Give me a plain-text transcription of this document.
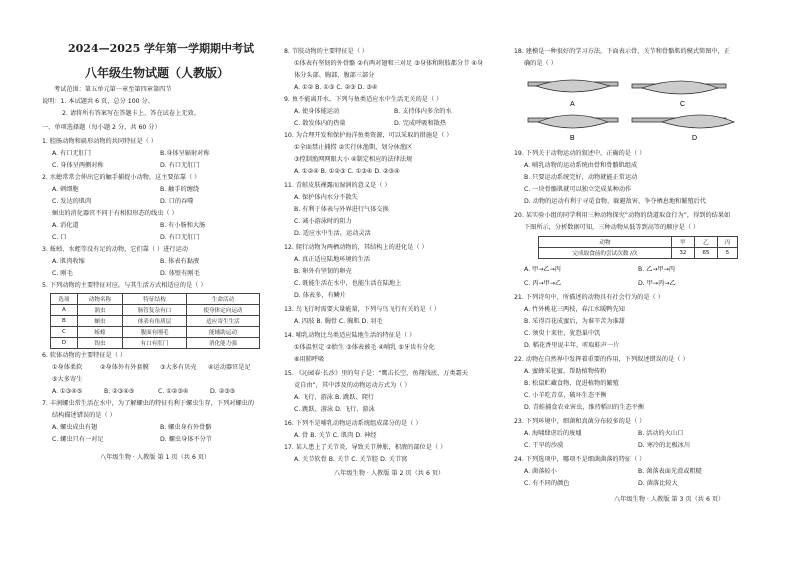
2024—2025 学年第一学期期中考试
八年级生物试题（人教版）
考试范围：第五单元第一章至第四章第四节
说明：1. 本试题共 6 页，总分 100 分。
2. 请将所有答案写在答题卡上，答在试卷上无效。
一、单项选择题（每小题 2 分，共 60 分）
1. 腔肠动物和扁形动物的共同特征是（ ）
A. 有口无肛门	B.身体呈辐射对称
C. 身体呈两侧对称	D. 有口无肛门
2. 水螅常常会伸出它的触手捕捉小动物，这主要依靠（ ）
A. 刺细胞	B. 触手的缠绕
C. 发达的肌肉	D. 口的吞噬
蛔虫的消化器官不同于有相似形态的线虫（ ）
A. 消化道	B. 有小肠和大肠
C. 口	D. 有口无肛门
3. 蚯蚓、水蛭等没有足的动物，它们靠（ ）进行运动
A. 肌肉收缩	B. 体表有黏液
C. 刚毛	D. 体壁有刚毛
5. 下列动物的主要特征对应，与其生活方式相适应的是（ ）
选项	动物名称	特征结构	生命活动
A	涡虫	肠管复杂有口	使身体定向运动
B	蛔虫	体表有角质层	适应寄生生活
C	蚯蚓	腹面有刚毛	能辅助运动
D	钩虫	有口有肛门	消化能力强
6. 软体动物的主要特征是（ ）
①身体柔软	②身体外有外套膜 ③大多有贝壳 ④运动器官是足
⑤大多寄生
A. ①③④⑤	B. ②③④⑤	C. ①②③④	D. ②③⑤
7. 丰润螺虫常生活在水中，为了解螺虫的特征有利于螺虫生存，下列对螺虫的
结构描述错误的是（ ）
A. 螺虫成虫有翅	B. 螺虫身有外骨骼
C. 螺虫只有一对足	D. 螺虫身体不分节
八年级生物 · 人教版 第 1 页（共 6 页）
8. 节肢动物的主要特征是（ ）
①体表有坚韧的外骨骼 ②有两对翅和三对足 ③身体和附肢都分节 ④身
体分头部、胸部、腹部三部分
A. ①② B. ①③ C. ②③ D. ③④
9. 鱼不能离开水，下列与鱼类适应水中生活无关的是（ ）
A. 使身体能运动	B. 支持体内多余的水
C. 散发体内的热量	D. 完成呼吸和散热
10. 为合理开发和保护海洋鱼类资源，可以采取的措施是（ ）
①全面禁止捕捞 ②实行休渔期，划分休渔区
③控制渔网网眼大小 ④制定相应的法律法规
A. ①②④ B. ①②③ C. ①③④ D. ②③④
11. 青蛙皮肤裸露而湿润的意义是（ ）
A. 保护体内水分不散失
B. 有利于体表与外界进行气体交换
C. 减小游泳时的阻力
D. 适应水中生活，运动灵活
12. 爬行动物为两栖动物的，其结构上的进化是（ ）
A. 真正适应陆地环境的生活
B. 卵外有坚韧的卵壳
C. 既能生活在水中，也能生活在陆地上
D. 体表多，有鳞片
13. 鸟飞行时需要大量能量，下列与鸟飞行有关的是（ ）
A. 四肢 B. 胸骨 C. 胸肌 D. 羽毛
14. 哺乳动物比鸟类适应陆地生活的特征是（ ）
①体温恒定 ②胎生 ③体表被毛 ④哺乳 ⑤牙齿有分化
⑥用肺呼吸
15. 《沁园春·长沙》里的句子是：“鹰击长空，鱼翔浅底，万类霜天
竞自由”，其中涉及的动物运动方式为（ ）
A. 飞行、游泳 B. 跳跃、爬行
C. 跳跃、游泳 D. 飞行、游泳
16. 下列不是哺乳动物运动系统组成部分的是（ ）
A. 骨 B. 关节 C. 肌肉 D. 神经
17. 某人患上了关节炎，导致关节肿胀，积液的部位是（ ）
A. 关节软骨 B. 关节 C. 关节腔 D. 关节窝
八年级生物 · 人教版 第 2 页（共 6 页）
18. 建模是一种很好的学习方法，下面表示骨、关节和骨骼肌的模式简图中，正
确的是（ ）
A	C
B	D
19. 下列关于动物运动的叙述中，正确的是（ ）
A. 哺乳动物的运动系统由骨和骨骼肌组成
B. 只要运动系统完好，动物就能正常运动
C. 一块骨骼肌就可以独立完成某种动作
D. 动物的运动有利于寻觅食物、躲避敌害、争夺栖息地和繁殖后代
20. 某实验小组的同学利用三种动物探究“动物的绕道取食行为”，得到的结果如
下图所示，分析数据可知，三种动物从低等到高等的顺序是（ ）
动物	甲	乙	丙
完成取食前的尝试次数 /次	32	65	5
A. 甲→乙→丙	B. 乙→甲→丙
C. 丙→甲→乙	D. 甲→丙→乙
21. 下列诗句中，所描述的动物具有社会行为的是（ ）
A. 竹外桃花三两枝，春江水暖鸭先知
B. 采得百花成蜜后，为谁辛苦为谁甜
C. 须臾十来往，犹恐巢中饥
D. 稻花香里说丰年，听取蛙声一片
22. 动物在自然界中发挥着重要的作用，下列叙述错误的是（ ）
A. 蜜蜂采花蜜，帮助植物传粉
B. 松鼠贮藏食物，促进植物的繁殖
C. 小羊吃青草，破坏生态平衡
D. 青蛙捕食农业害虫，维持稻田的生态平衡
23. 下列环境中，细菌和真菌分布较多的是（ ）
A. 海啸肆虐后的废墟	B. 活动的火山口
C. 干旱的沙漠	D. 寒冷的北极冰川
24. 下列选项中，哪项不是细菌菌落的特征（ ）
A. 菌落较小	B. 菌落表面光滑或粗糙
C. 有不同的颜色	D. 菌落比较大
八年级生物 · 人教版 第 3 页（共 6 页）
